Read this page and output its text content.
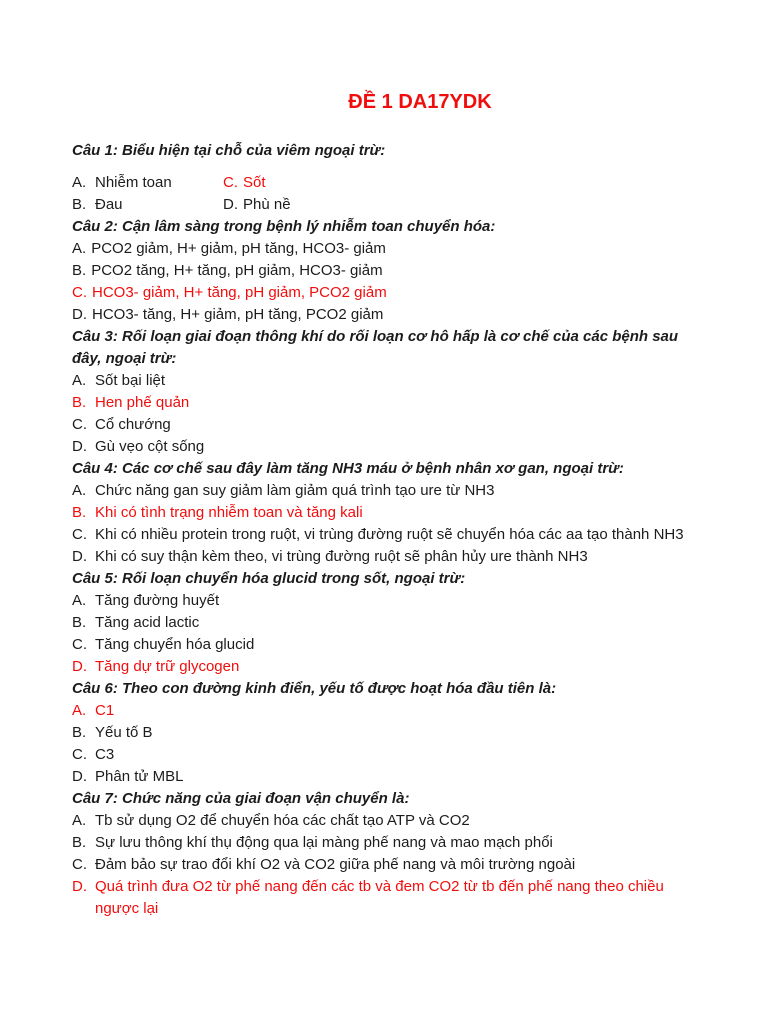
ĐỀ 1 DA17YDK
Câu 1: Biểu hiện tại chỗ của viêm ngoại trừ:
A. Nhiễm toan	C. Sốt
B. Đau	D. Phù nề
Câu 2: Cận lâm sàng trong bệnh lý nhiễm toan chuyển hóa:
A. PCO2 giảm, H+ giảm, pH tăng, HCO3- giảm
B. PCO2 tăng, H+ tăng, pH giảm, HCO3- giảm
C. HCO3- giảm, H+ tăng, pH giảm, PCO2 giảm
D. HCO3- tăng, H+ giảm, pH tăng, PCO2 giảm
Câu 3: Rối loạn giai đoạn thông khí do rối loạn cơ hô hấp là cơ chế của các bệnh sau đây, ngoại trừ:
A. Sốt bại liệt
B. Hen phế quản
C. Cổ chướng
D. Gù vẹo cột sống
Câu 4: Các cơ chế sau đây làm tăng NH3 máu ở bệnh nhân xơ gan, ngoại trừ:
A. Chức năng gan suy giảm làm giảm quá trình tạo ure từ NH3
B. Khi có tình trạng nhiễm toan và tăng kali
C. Khi có nhiều protein trong ruột, vi trùng đường ruột sẽ chuyển hóa các aa tạo thành NH3
D. Khi có suy thận kèm theo, vi trùng đường ruột sẽ phân hủy ure thành NH3
Câu 5: Rối loạn chuyển hóa glucid trong sốt, ngoại trừ:
A. Tăng đường huyết
B. Tăng acid lactic
C. Tăng chuyển hóa glucid
D. Tăng dự trữ glycogen
Câu 6: Theo con đường kinh điển, yếu tố được hoạt hóa đầu tiên là:
A. C1
B. Yếu tố B
C. C3
D. Phân tử MBL
Câu 7: Chức năng của giai đoạn vận chuyển là:
A. Tb sử dụng O2 để chuyển hóa các chất tạo ATP và CO2
B. Sự lưu thông khí thụ động qua lại màng phế nang và mao mạch phổi
C. Đảm bảo sự trao đổi khí O2 và CO2 giữa phế nang và môi trường ngoài
D. Quá trình đưa O2 từ phế nang đến các tb và đem CO2 từ tb đến phế nang theo chiều ngược lại
